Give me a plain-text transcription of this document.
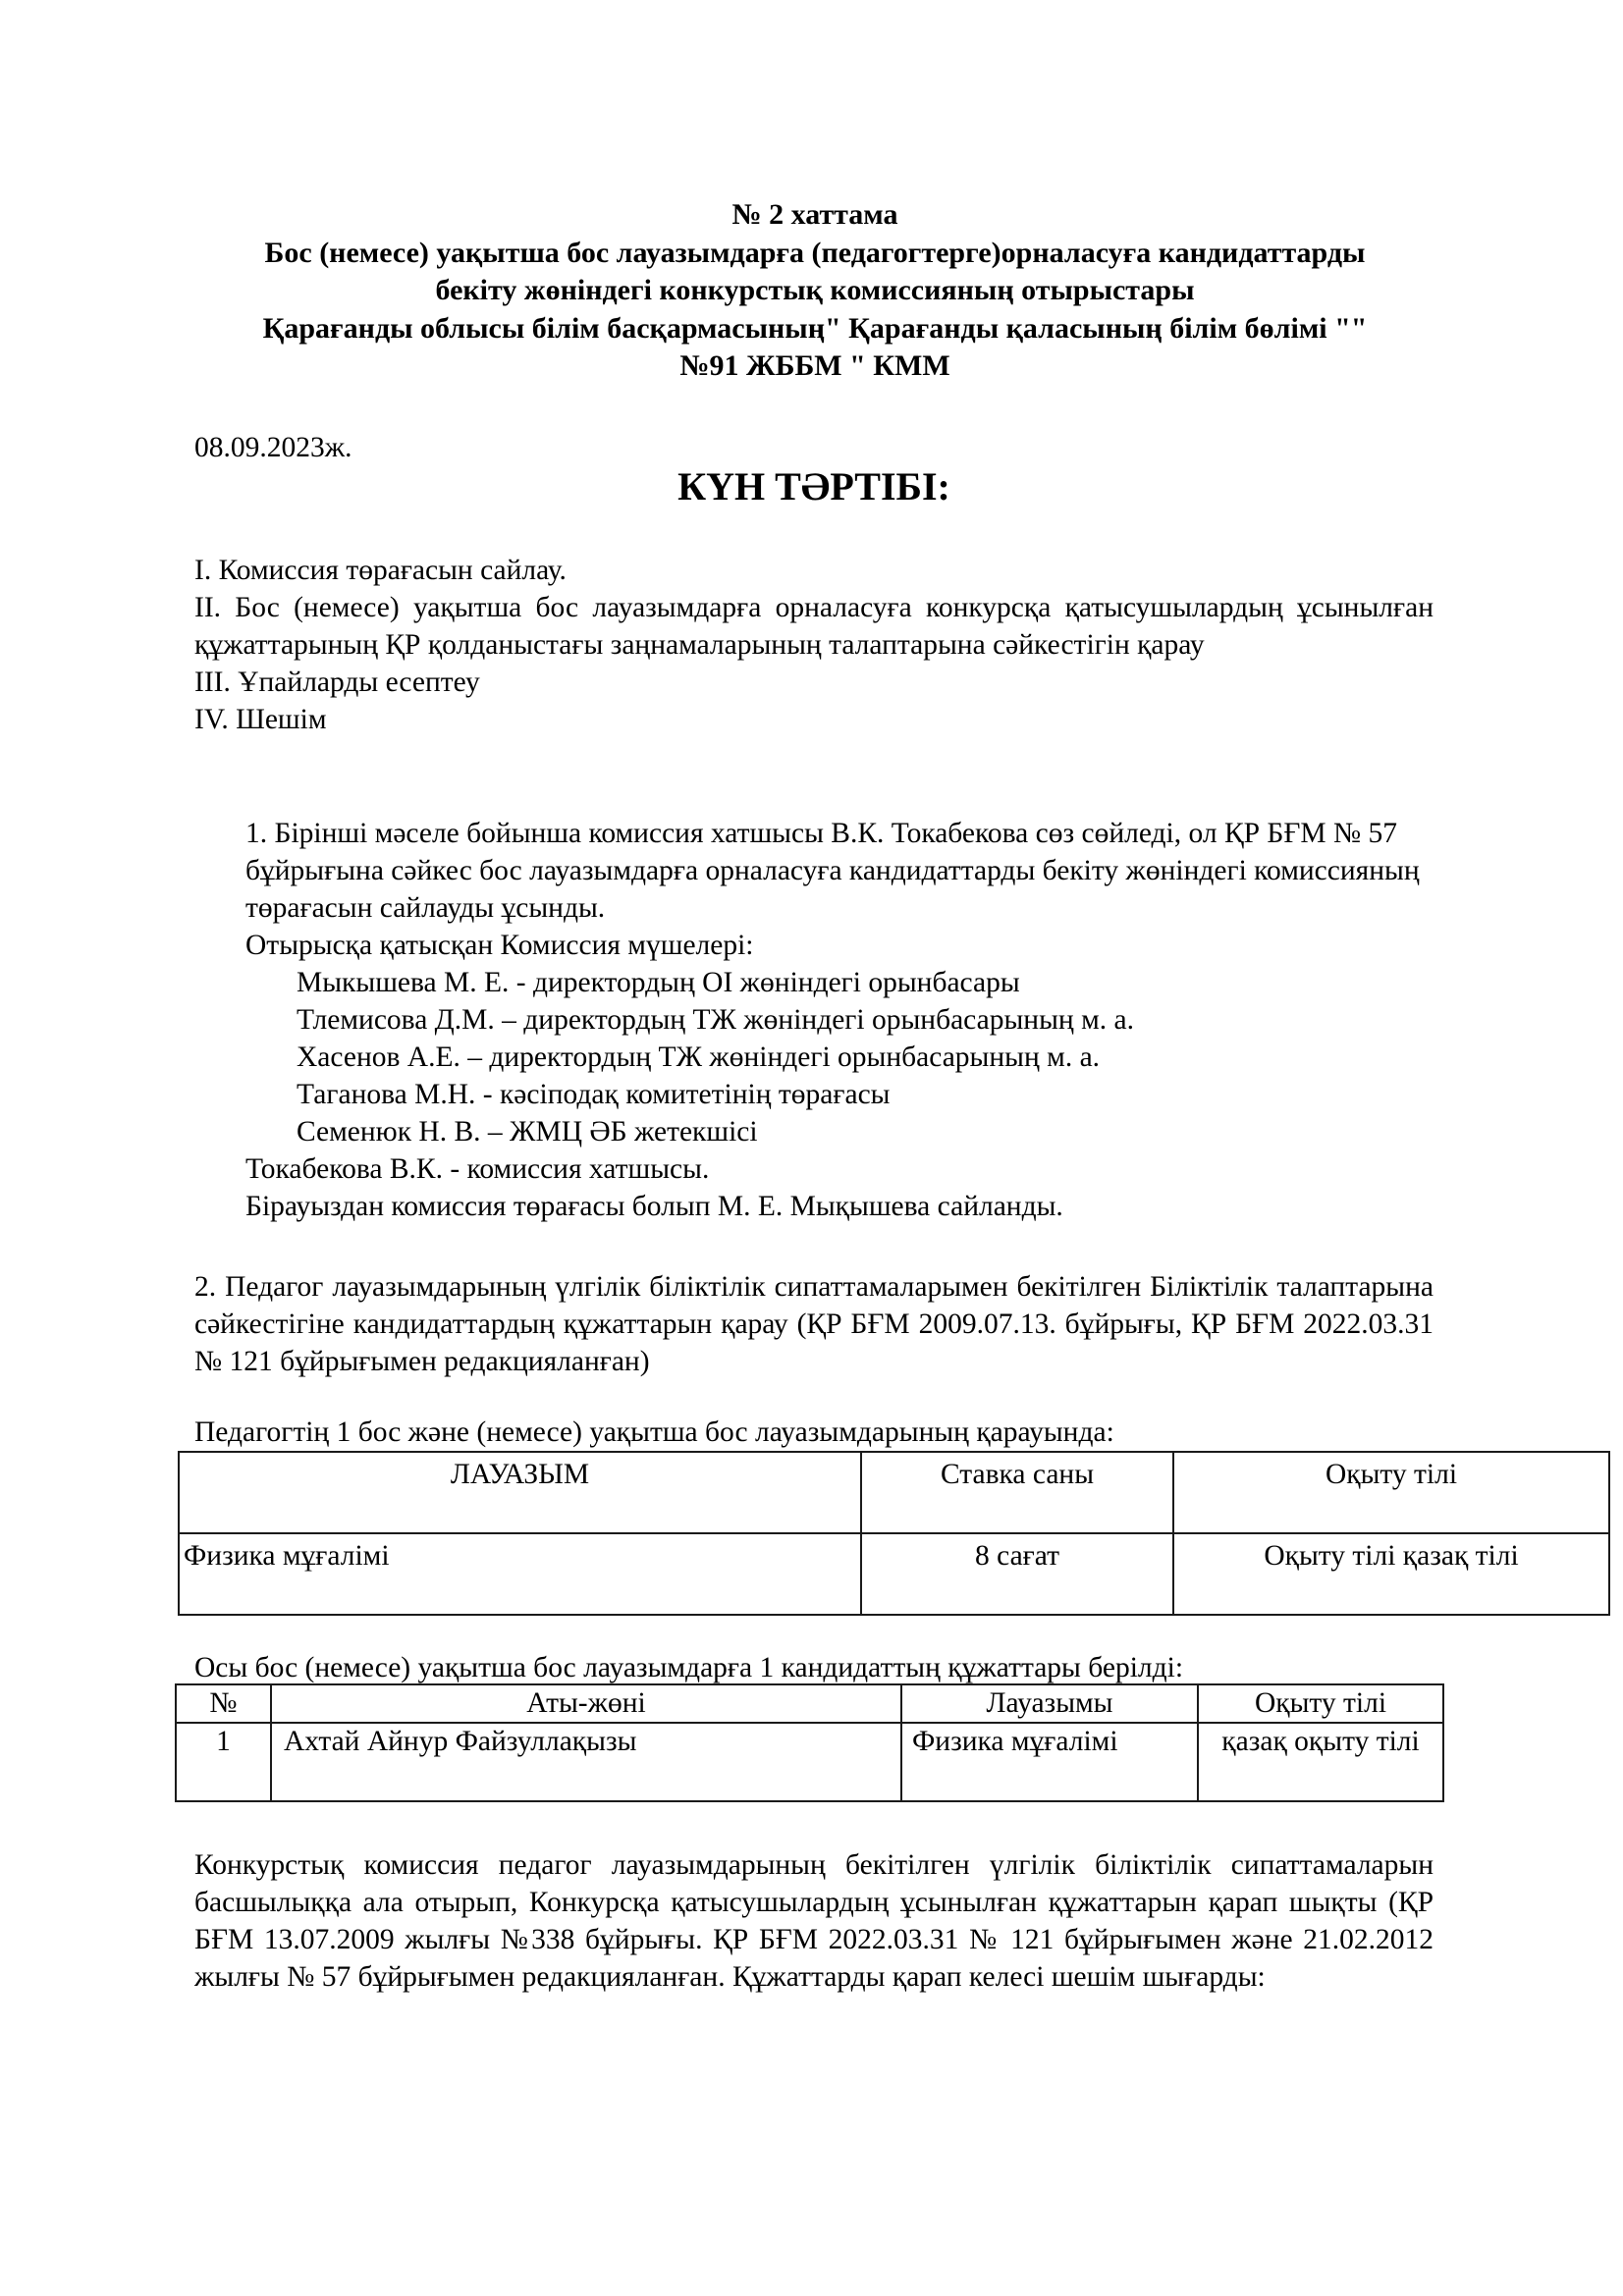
№ 2 хаттама
Бос (немесе) уақытша бос лауазымдарға (педагогтерге)орналасуға кандидаттарды
бекіту жөніндегі конкурстық комиссияның отырыстары
Қарағанды облысы білім басқармасының" Қарағанды қаласының білім бөлімі ""
№91 ЖББМ " КММ
08.09.2023ж.
КҮН ТӘРТІБІ:
I. Комиссия төрағасын сайлау.
II. Бос (немесе) уақытша бос лауазымдарға орналасуға конкурсқа қатысушылардың ұсынылған құжаттарының ҚР қолданыстағы заңнамаларының талаптарына сәйкестігін қарау
III. Ұпайларды есептеу
IV. Шешім
1. Бірінші мәселе бойынша комиссия хатшысы В.К. Токабекова сөз сөйледі, ол ҚР БҒМ № 57 бұйрығына сәйкес бос лауазымдарға орналасуға кандидаттарды бекіту жөніндегі комиссияның төрағасын сайлауды ұсынды.
Отырысқа қатысқан Комиссия мүшелері:
Мыкышева М. Е. - директордың ОІ жөніндегі орынбасары
Тлемисова Д.М. – директордың ТЖ жөніндегі орынбасарының м. а.
Хасенов А.Е. – директордың ТЖ жөніндегі орынбасарының м. а.
Таганова М.Н. - кәсіподақ комитетінің төрағасы
Семенюк Н. В. – ЖМЦ ӘБ жетекшісі
Токабекова В.К. - комиссия хатшысы.
Бірауыздан комиссия төрағасы болып М. Е. Мықышева сайланды.
2. Педагог лауазымдарының үлгілік біліктілік сипаттамаларымен бекітілген Біліктілік талаптарына сәйкестігіне кандидаттардың құжаттарын қарау (ҚР БҒМ 2009.07.13. бұйрығы, ҚР БҒМ 2022.03.31 № 121 бұйрығымен редакцияланған)
Педагогтің 1 бос және (немесе) уақытша бос лауазымдарының қарауында:
ЛАУАЗЫМ	Ставка саны	Оқыту тілі
Физика мұғалімі	8 сағат	Оқыту тілі қазақ тілі
Осы бос (немесе) уақытша бос лауазымдарға 1 кандидаттың құжаттары берілді:
№	Аты-жөні	Лауазымы	Оқыту тілі
1	Ахтай Айнур Файзуллақызы	Физика мұғалімі	қазақ оқыту тілі
Конкурстық комиссия педагог лауазымдарының бекітілген үлгілік біліктілік сипаттамаларын басшылыққа ала отырып, Конкурсқа қатысушылардың ұсынылған құжаттарын қарап шықты (ҚР БҒМ 13.07.2009 жылғы №338 бұйрығы. ҚР БҒМ 2022.03.31 № 121 бұйрығымен және 21.02.2012 жылғы № 57 бұйрығымен редакцияланған. Құжаттарды қарап келесі шешім шығарды:
